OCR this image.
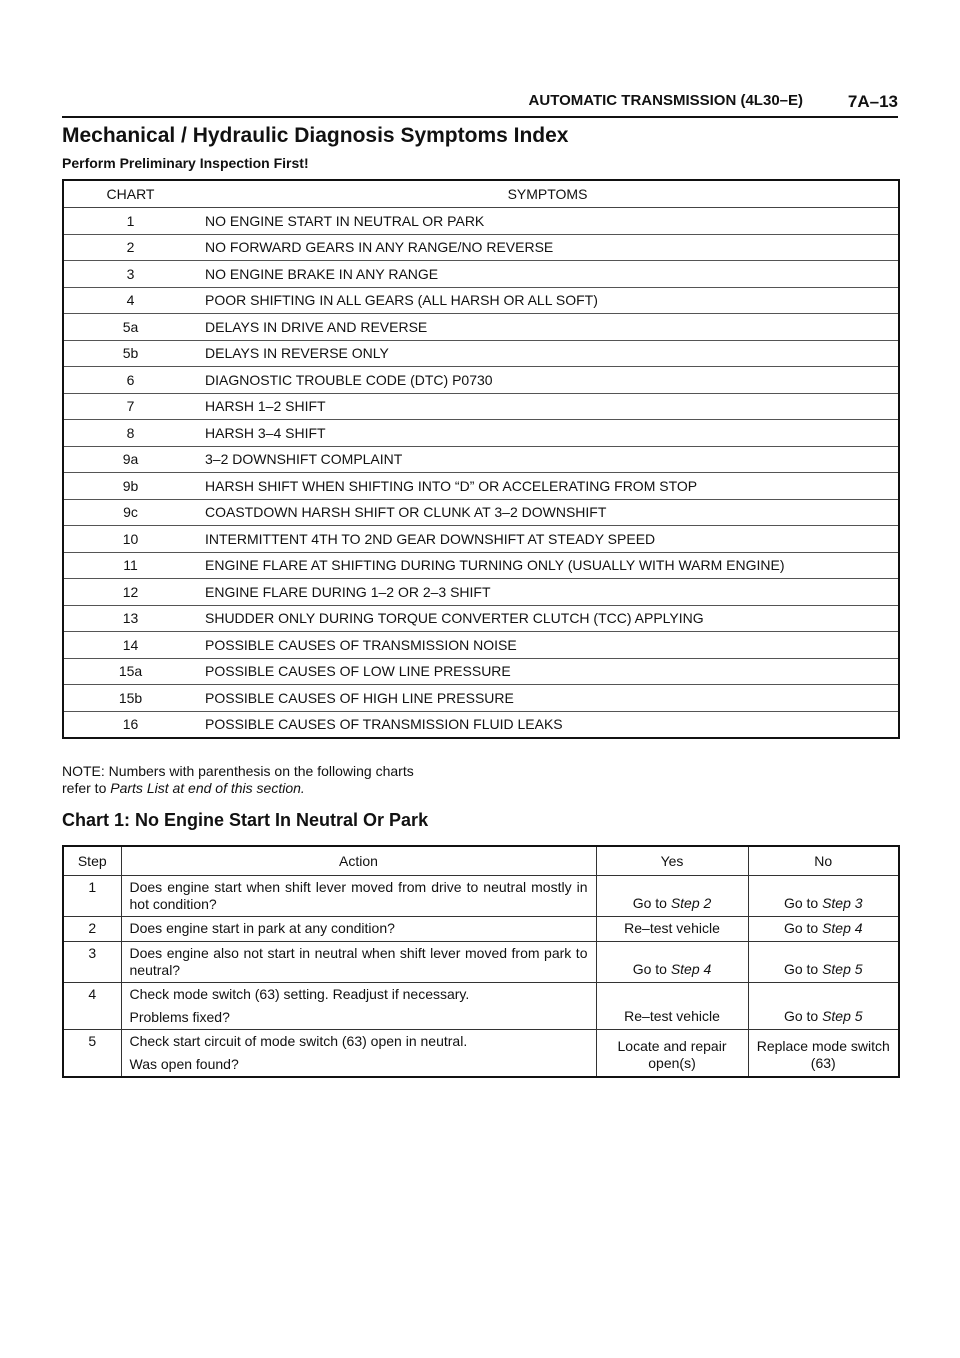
AUTOMATIC TRANSMISSION (4L30–E)	7A–13
Mechanical / Hydraulic Diagnosis Symptoms Index
Perform Preliminary Inspection First!
CHART	SYMPTOMS
1	NO ENGINE START IN NEUTRAL OR PARK
2	NO FORWARD GEARS IN ANY RANGE/NO REVERSE
3	NO ENGINE BRAKE IN ANY RANGE
4	POOR SHIFTING IN ALL GEARS (ALL HARSH OR ALL SOFT)
5a	DELAYS IN DRIVE AND REVERSE
5b	DELAYS IN REVERSE ONLY
6	DIAGNOSTIC TROUBLE CODE (DTC) P0730
7	HARSH 1–2 SHIFT
8	HARSH 3–4 SHIFT
9a	3–2 DOWNSHIFT COMPLAINT
9b	HARSH SHIFT WHEN SHIFTING INTO “D” OR ACCELERATING FROM STOP
9c	COASTDOWN HARSH SHIFT OR CLUNK AT 3–2 DOWNSHIFT
10	INTERMITTENT 4TH TO 2ND GEAR DOWNSHIFT AT STEADY SPEED
11	ENGINE FLARE AT SHIFTING DURING TURNING ONLY (USUALLY WITH WARM ENGINE)
12	ENGINE FLARE DURING 1–2 OR 2–3 SHIFT
13	SHUDDER ONLY DURING TORQUE CONVERTER CLUTCH (TCC) APPLYING
14	POSSIBLE CAUSES OF TRANSMISSION NOISE
15a	POSSIBLE CAUSES OF LOW LINE PRESSURE
15b	POSSIBLE CAUSES OF HIGH LINE PRESSURE
16	POSSIBLE CAUSES OF TRANSMISSION FLUID LEAKS
NOTE: Numbers with parenthesis on the following charts
refer to Parts List at end of this section.
Chart 1: No Engine Start In Neutral Or Park
Step	Action	Yes	No
1	Does engine start when shift lever moved from drive to neutral mostly in hot condition?	Go to Step 2	Go to Step 3
2	Does engine start in park at any condition?	Re–test vehicle	Go to Step 4
3	Does engine also not start in neutral when shift lever moved from park to neutral?	Go to Step 4	Go to Step 5
4	Check mode switch (63) setting. Readjust if necessary.
Problems fixed?	Re–test vehicle	Go to Step 5
5	Check start circuit of mode switch (63) open in neutral.
Was open found?	Locate and repair open(s)	Replace mode switch (63)
